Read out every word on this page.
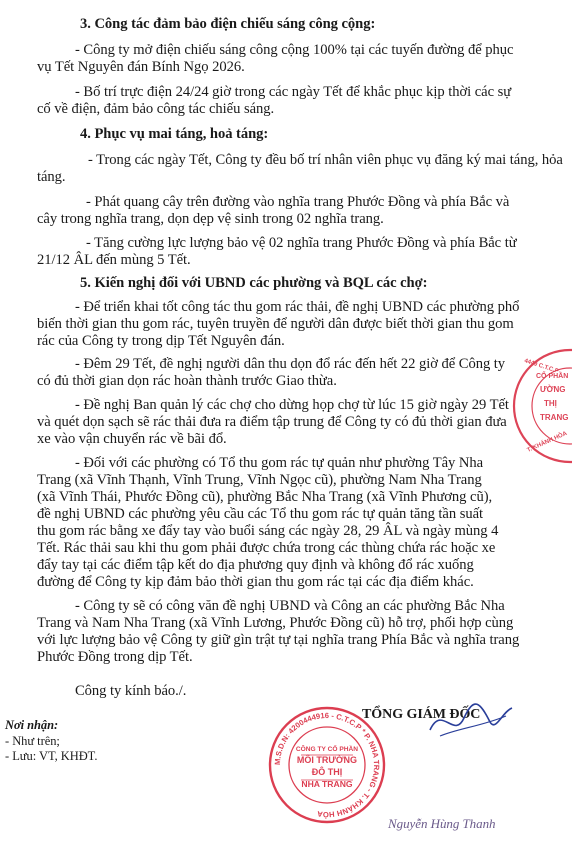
3. Công tác đảm bảo điện chiếu sáng công cộng:
- Công ty mở điện chiếu sáng công cộng 100% tại các tuyến đường để phục
vụ Tết Nguyên đán Bính Ngọ 2026.
- Bố trí trực điện 24/24 giờ trong các ngày Tết để khắc phục kịp thời các sự
cố về điện, đảm bảo công tác chiếu sáng.
4. Phục vụ mai táng, hoả táng:
- Trong các ngày Tết, Công ty đều bố trí nhân viên phục vụ đăng ký mai táng, hỏa
táng.
- Phát quang cây trên đường vào nghĩa trang Phước Đồng và phía Bắc và
cây trong nghĩa trang, dọn dẹp vệ sinh trong 02 nghĩa trang.
- Tăng cường lực lượng bảo vệ 02 nghĩa trang Phước Đồng và phía Bắc từ
21/12 ÂL đến mùng 5 Tết.
5. Kiến nghị đối với UBND các phường và BQL các chợ:
- Để triển khai tốt công tác thu gom rác thải, đề nghị UBND các phường phổ
biến thời gian thu gom rác, tuyên truyền để người dân được biết thời gian thu gom
rác của Công ty trong dịp Tết Nguyên đán.
- Đêm 29 Tết, đề nghị người dân thu dọn đổ rác đến hết 22 giờ để Công ty
có đủ thời gian dọn rác hoàn thành trước Giao thừa.
- Đề nghị Ban quản lý các chợ cho dừng họp chợ từ lúc 15 giờ ngày 29 Tết
và quét dọn sạch sẽ rác thải đưa ra điểm tập trung để Công ty có đủ thời gian đưa
xe vào vận chuyển rác về bãi đổ.
- Đối với các phường có Tổ thu gom rác tự quản như phường Tây Nha
Trang (xã Vĩnh Thạnh, Vĩnh Trung, Vĩnh Ngọc cũ), phường Nam Nha Trang
(xã Vĩnh Thái, Phước Đồng cũ), phường Bắc Nha Trang (xã Vĩnh Phương cũ),
đề nghị UBND các phường yêu cầu các Tổ thu gom rác tự quản tăng tần suất
thu gom rác bằng xe đẩy tay vào buổi sáng các ngày 28, 29 ÂL và ngày mùng 4
Tết. Rác thải sau khi thu gom phải được chứa trong các thùng chứa rác hoặc xe
đẩy tay tại các điểm tập kết do địa phương quy định và không đổ rác xuống
đường để Công ty kịp đảm bảo thời gian thu gom rác tại các địa điểm khác.
- Công ty sẽ có công văn đề nghị UBND và Công an các phường Bắc Nha
Trang và Nam Nha Trang (xã Vĩnh Lương, Phước Đồng cũ) hỗ trợ, phối hợp cùng
với lực lượng bảo vệ Công ty giữ gìn trật tự tại nghĩa trang Phía Bắc và nghĩa trang
Phước Đồng trong dịp Tết.
Công ty kính báo./.
Nơi nhận:
- Như trên;
- Lưu: VT, KHĐT.
TỔNG GIÁM ĐỐC
M.S.D.N: 4200444916 - C.T.C.P * P. NHA TRANG - T. KHÁNH HÒA
CÔNG TY CỔ PHẦN
MÔI TRƯỜNG
ĐÔ THỊ
NHA TRANG
CỔ PHẦN
ƯỜNG
THỊ
TRANG
T. KHÁNH HÒA
4449 C.T.C.P
Nguyễn Hùng Thanh
